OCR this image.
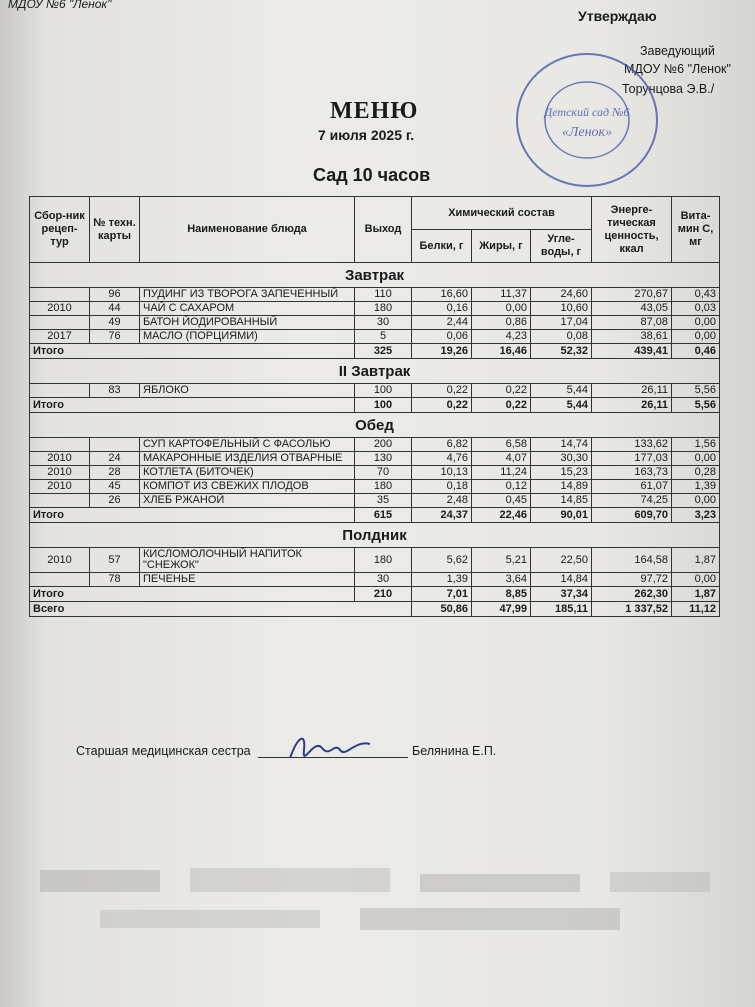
МДОУ №6 "Ленок"
Утверждаю
Заведующий
МДОУ №6 "Ленок"
Торунцова Э.В./
Детский сад №6
«Ленок»
МЕНЮ
7 июля 2025 г.
Сад 10 часов
Сбор-ник рецеп-тур	№ техн. карты	Наименование блюда	Выход	Химический состав			Энерге-тическая ценность, ккал	Вита-мин С, мг
				Белки, г	Жиры, г	Угле-воды, г		
Завтрак								
	96	ПУДИНГ ИЗ ТВОРОГА ЗАПЕЧЕННЫЙ	110	16,60	11,37	24,60	270,67	0,43
2010	44	ЧАЙ С САХАРОМ	180	0,16	0,00	10,60	43,05	0,03
	49	БАТОН ЙОДИРОВАННЫЙ	30	2,44	0,86	17,04	87,08	0,00
2017	76	МАСЛО (ПОРЦИЯМИ)	5	0,06	4,23	0,08	38,61	0,00
Итого			325	19,26	16,46	52,32	439,41	0,46
II Завтрак								
	83	ЯБЛОКО	100	0,22	0,22	5,44	26,11	5,56
Итого			100	0,22	0,22	5,44	26,11	5,56
Обед								
		СУП КАРТОФЕЛЬНЫЙ С ФАСОЛЬЮ	200	6,82	6,58	14,74	133,62	1,56
2010	24	МАКАРОННЫЕ ИЗДЕЛИЯ ОТВАРНЫЕ	130	4,76	4,07	30,30	177,03	0,00
2010	28	КОТЛЕТА (БИТОЧЕК)	70	10,13	11,24	15,23	163,73	0,28
2010	45	КОМПОТ ИЗ СВЕЖИХ ПЛОДОВ	180	0,18	0,12	14,89	61,07	1,39
	26	ХЛЕБ РЖАНОЙ	35	2,48	0,45	14,85	74,25	0,00
Итого			615	24,37	22,46	90,01	609,70	3,23
Полдник								
2010	57	КИСЛОМОЛОЧНЫЙ НАПИТОК "СНЕЖОК"	180	5,62	5,21	22,50	164,58	1,87
	78	ПЕЧЕНЬЕ	30	1,39	3,64	14,84	97,72	0,00
Итого			210	7,01	8,85	37,34	262,30	1,87
Всего				50,86	47,99	185,11	1 337,52	11,12
Старшая медицинская сестра	Белянина Е.П.
